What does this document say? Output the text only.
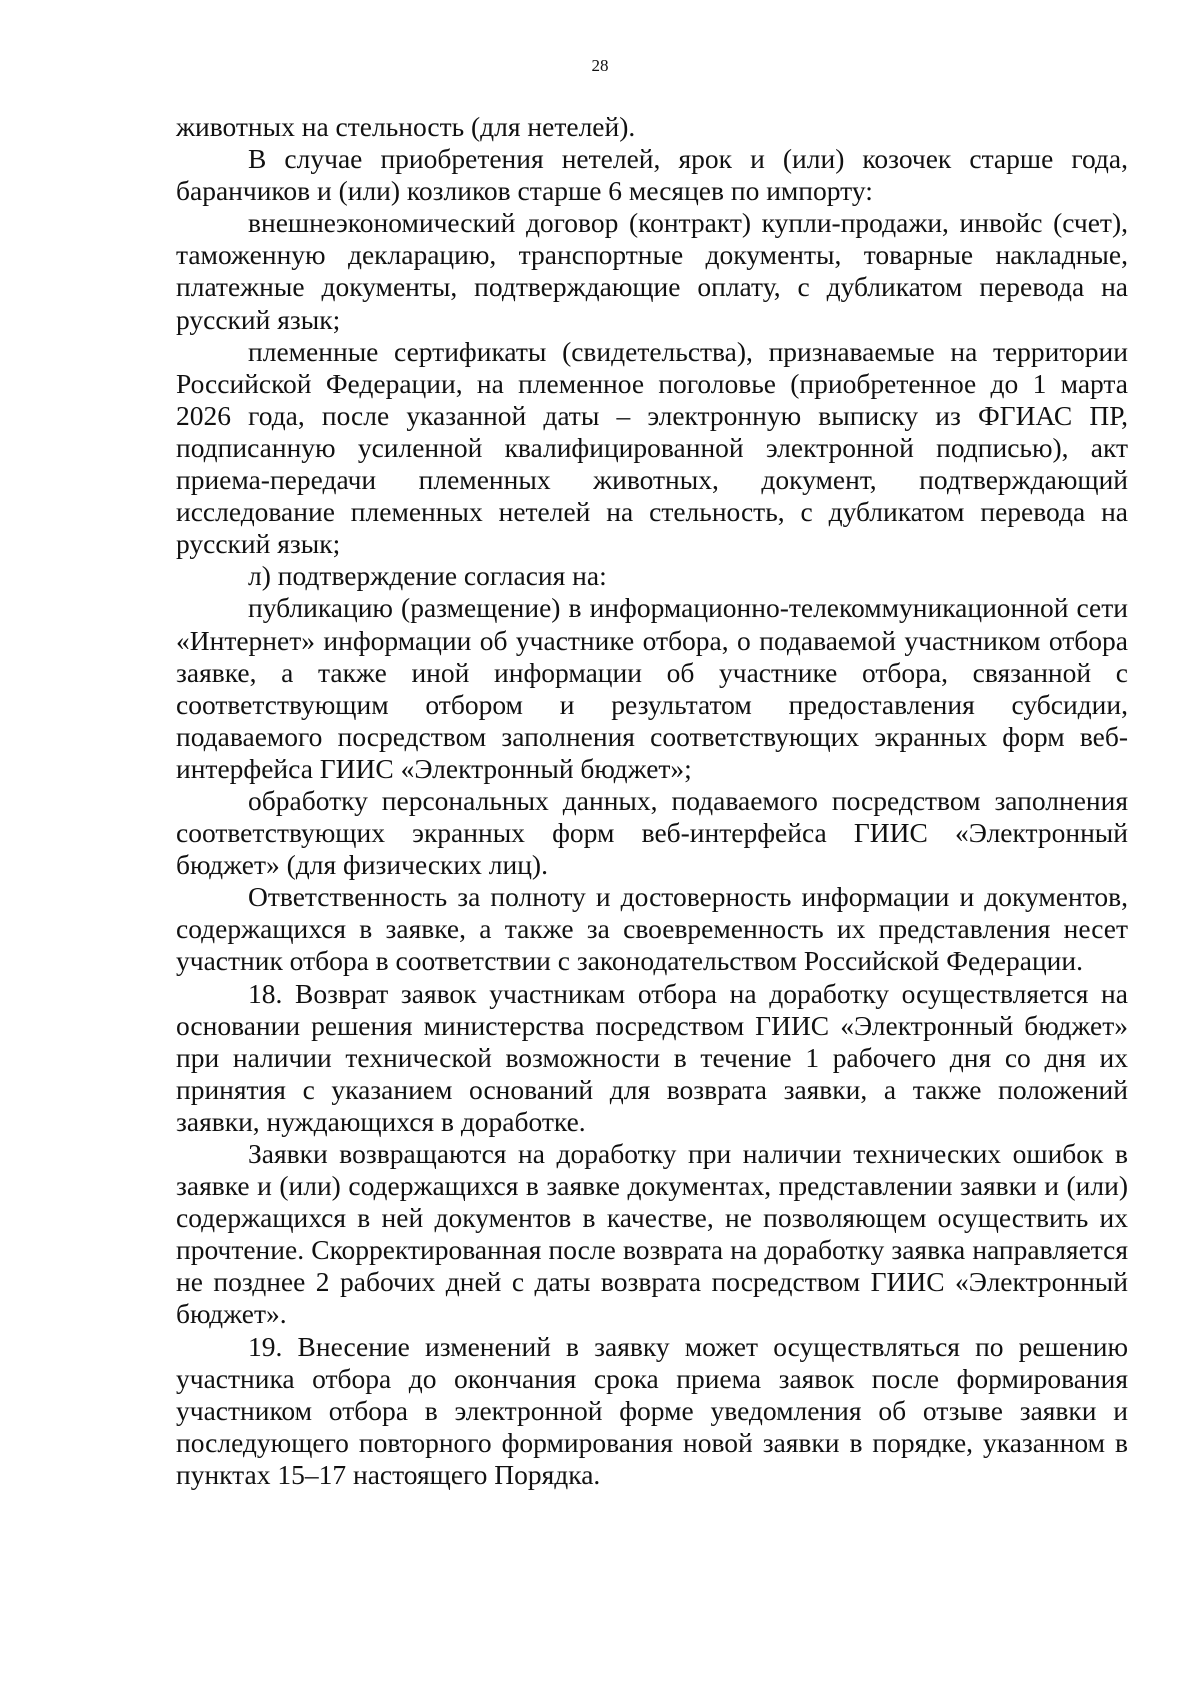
28

животных на стельность (для нетелей).

В случае приобретения нетелей, ярок и (или) козочек старше года, баранчиков и (или) козликов старше 6 месяцев по импорту:

внешнеэкономический договор (контракт) купли-продажи, инвойс (счет), таможенную декларацию, транспортные документы, товарные накладные, платежные документы, подтверждающие оплату, с дубликатом перевода на русский язык;

племенные сертификаты (свидетельства), признаваемые на территории Российской Федерации, на племенное поголовье (приобретенное до 1 марта 2026 года, после указанной даты – электронную выписку из ФГИАС ПР, подписанную усиленной квалифицированной электронной подписью), акт приема-передачи племенных животных, документ, подтверждающий исследование племенных нетелей на стельность, с дубликатом перевода на русский язык;

л) подтверждение согласия на:

публикацию (размещение) в информационно-телекоммуникационной сети «Интернет» информации об участнике отбора, о подаваемой участником отбора заявке, а также иной информации об участнике отбора, связанной с соответствующим отбором и результатом предоставления субсидии, подаваемого посредством заполнения соответствующих экранных форм веб-интерфейса ГИИС «Электронный бюджет»;

обработку персональных данных, подаваемого посредством заполнения соответствующих экранных форм веб-интерфейса ГИИС «Электронный бюджет» (для физических лиц).

Ответственность за полноту и достоверность информации и документов, содержащихся в заявке, а также за своевременность их представления несет участник отбора в соответствии с законодательством Российской Федерации.

18. Возврат заявок участникам отбора на доработку осуществляется на основании решения министерства посредством ГИИС «Электронный бюджет» при наличии технической возможности в течение 1 рабочего дня со дня их принятия с указанием оснований для возврата заявки, а также положений заявки, нуждающихся в доработке.

Заявки возвращаются на доработку при наличии технических ошибок в заявке и (или) содержащихся в заявке документах, представлении заявки и (или) содержащихся в ней документов в качестве, не позволяющем осуществить их прочтение. Скорректированная после возврата на доработку заявка направляется не позднее 2 рабочих дней с даты возврата посредством ГИИС «Электронный бюджет».

19. Внесение изменений в заявку может осуществляться по решению участника отбора до окончания срока приема заявок после формирования участником отбора в электронной форме уведомления об отзыве заявки и последующего повторного формирования новой заявки в порядке, указанном в пунктах 15–17 настоящего Порядка.
